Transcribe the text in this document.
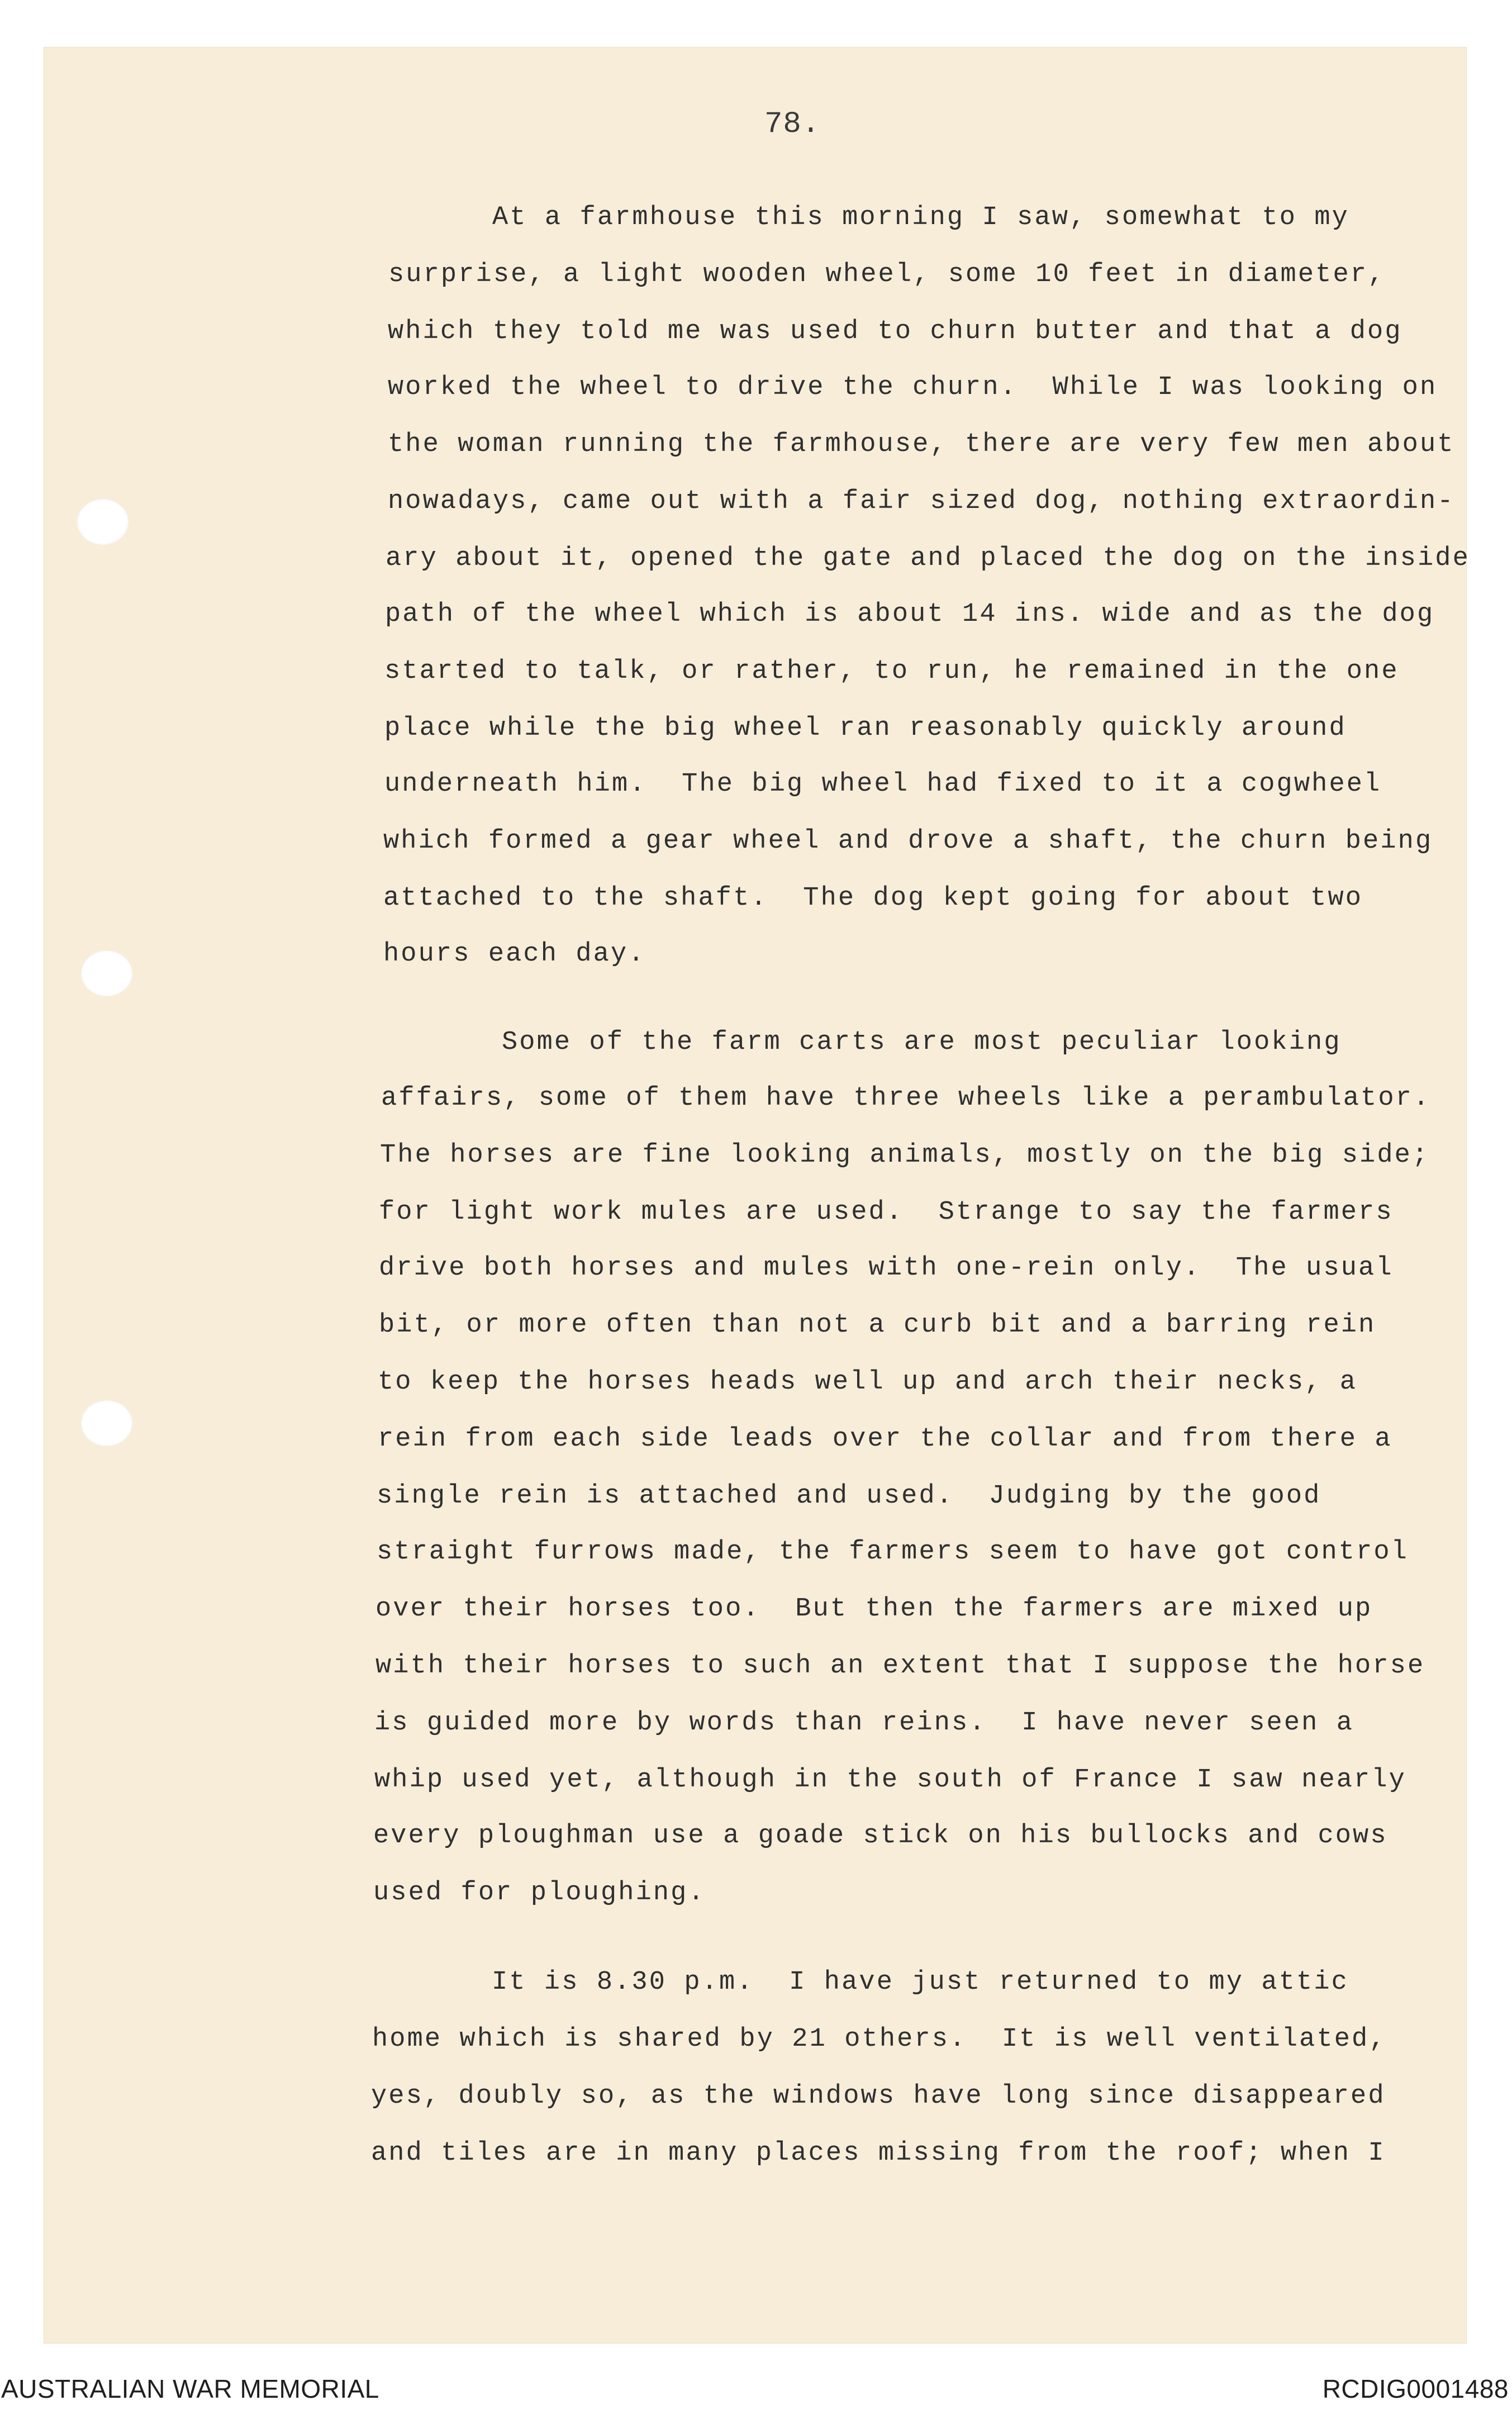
78.
At a farmhouse this morning I saw, somewhat to my
surprise, a light wooden wheel, some 10 feet in diameter,
which they told me was used to churn butter and that a dog
worked the wheel to drive the churn.  While I was looking on
the woman running the farmhouse, there are very few men about
nowadays, came out with a fair sized dog, nothing extraordin-
ary about it, opened the gate and placed the dog on the inside
path of the wheel which is about 14 ins. wide and as the dog
started to talk, or rather, to run, he remained in the one
place while the big wheel ran reasonably quickly around
underneath him.  The big wheel had fixed to it a cogwheel
which formed a gear wheel and drove a shaft, the churn being
attached to the shaft.  The dog kept going for about two
hours each day.
Some of the farm carts are most peculiar looking
affairs, some of them have three wheels like a perambulator.
The horses are fine looking animals, mostly on the big side;
for light work mules are used.  Strange to say the farmers
drive both horses and mules with one-rein only.  The usual
bit, or more often than not a curb bit and a barring rein
to keep the horses heads well up and arch their necks, a
rein from each side leads over the collar and from there a
single rein is attached and used.  Judging by the good
straight furrows made, the farmers seem to have got control
over their horses too.  But then the farmers are mixed up
with their horses to such an extent that I suppose the horse
is guided more by words than reins.  I have never seen a
whip used yet, although in the south of France I saw nearly
every ploughman use a goade stick on his bullocks and cows
used for ploughing.
It is 8.30 p.m.  I have just returned to my attic
home which is shared by 21 others.  It is well ventilated,
yes, doubly so, as the windows have long since disappeared
and tiles are in many places missing from the roof; when I
AUSTRALIAN WAR MEMORIAL	RCDIG0001488
